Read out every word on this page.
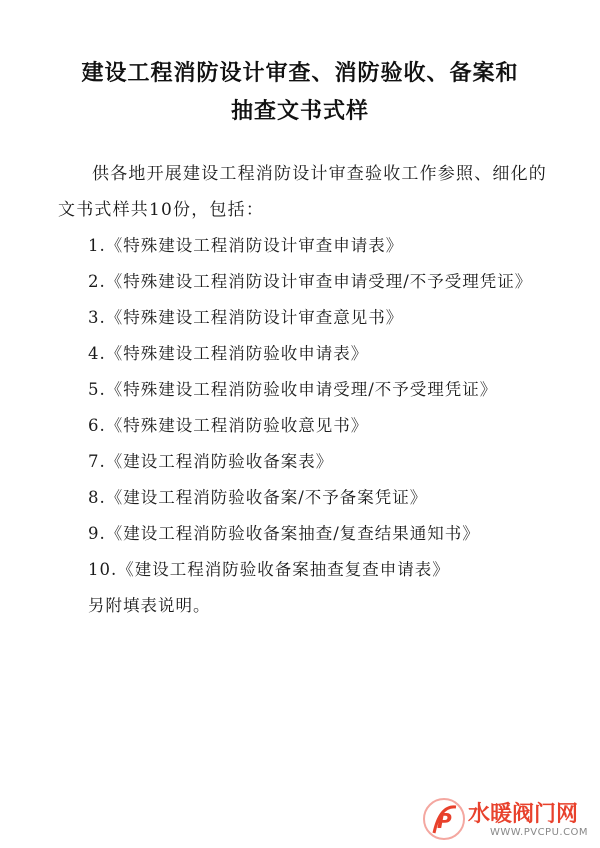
建设工程消防设计审查、消防验收、备案和
抽查文书式样
供各地开展建设工程消防设计审查验收工作参照、细化的
文书式样共10份，包括：
1.《特殊建设工程消防设计审查申请表》
2.《特殊建设工程消防设计审查申请受理/不予受理凭证》
3.《特殊建设工程消防设计审查意见书》
4.《特殊建设工程消防验收申请表》
5.《特殊建设工程消防验收申请受理/不予受理凭证》
6.《特殊建设工程消防验收意见书》
7.《建设工程消防验收备案表》
8.《建设工程消防验收备案/不予备案凭证》
9.《建设工程消防验收备案抽查/复查结果通知书》
10.《建设工程消防验收备案抽查复查申请表》
另附填表说明。
P 水暖阀门网
WWW.PVCPU.COM
